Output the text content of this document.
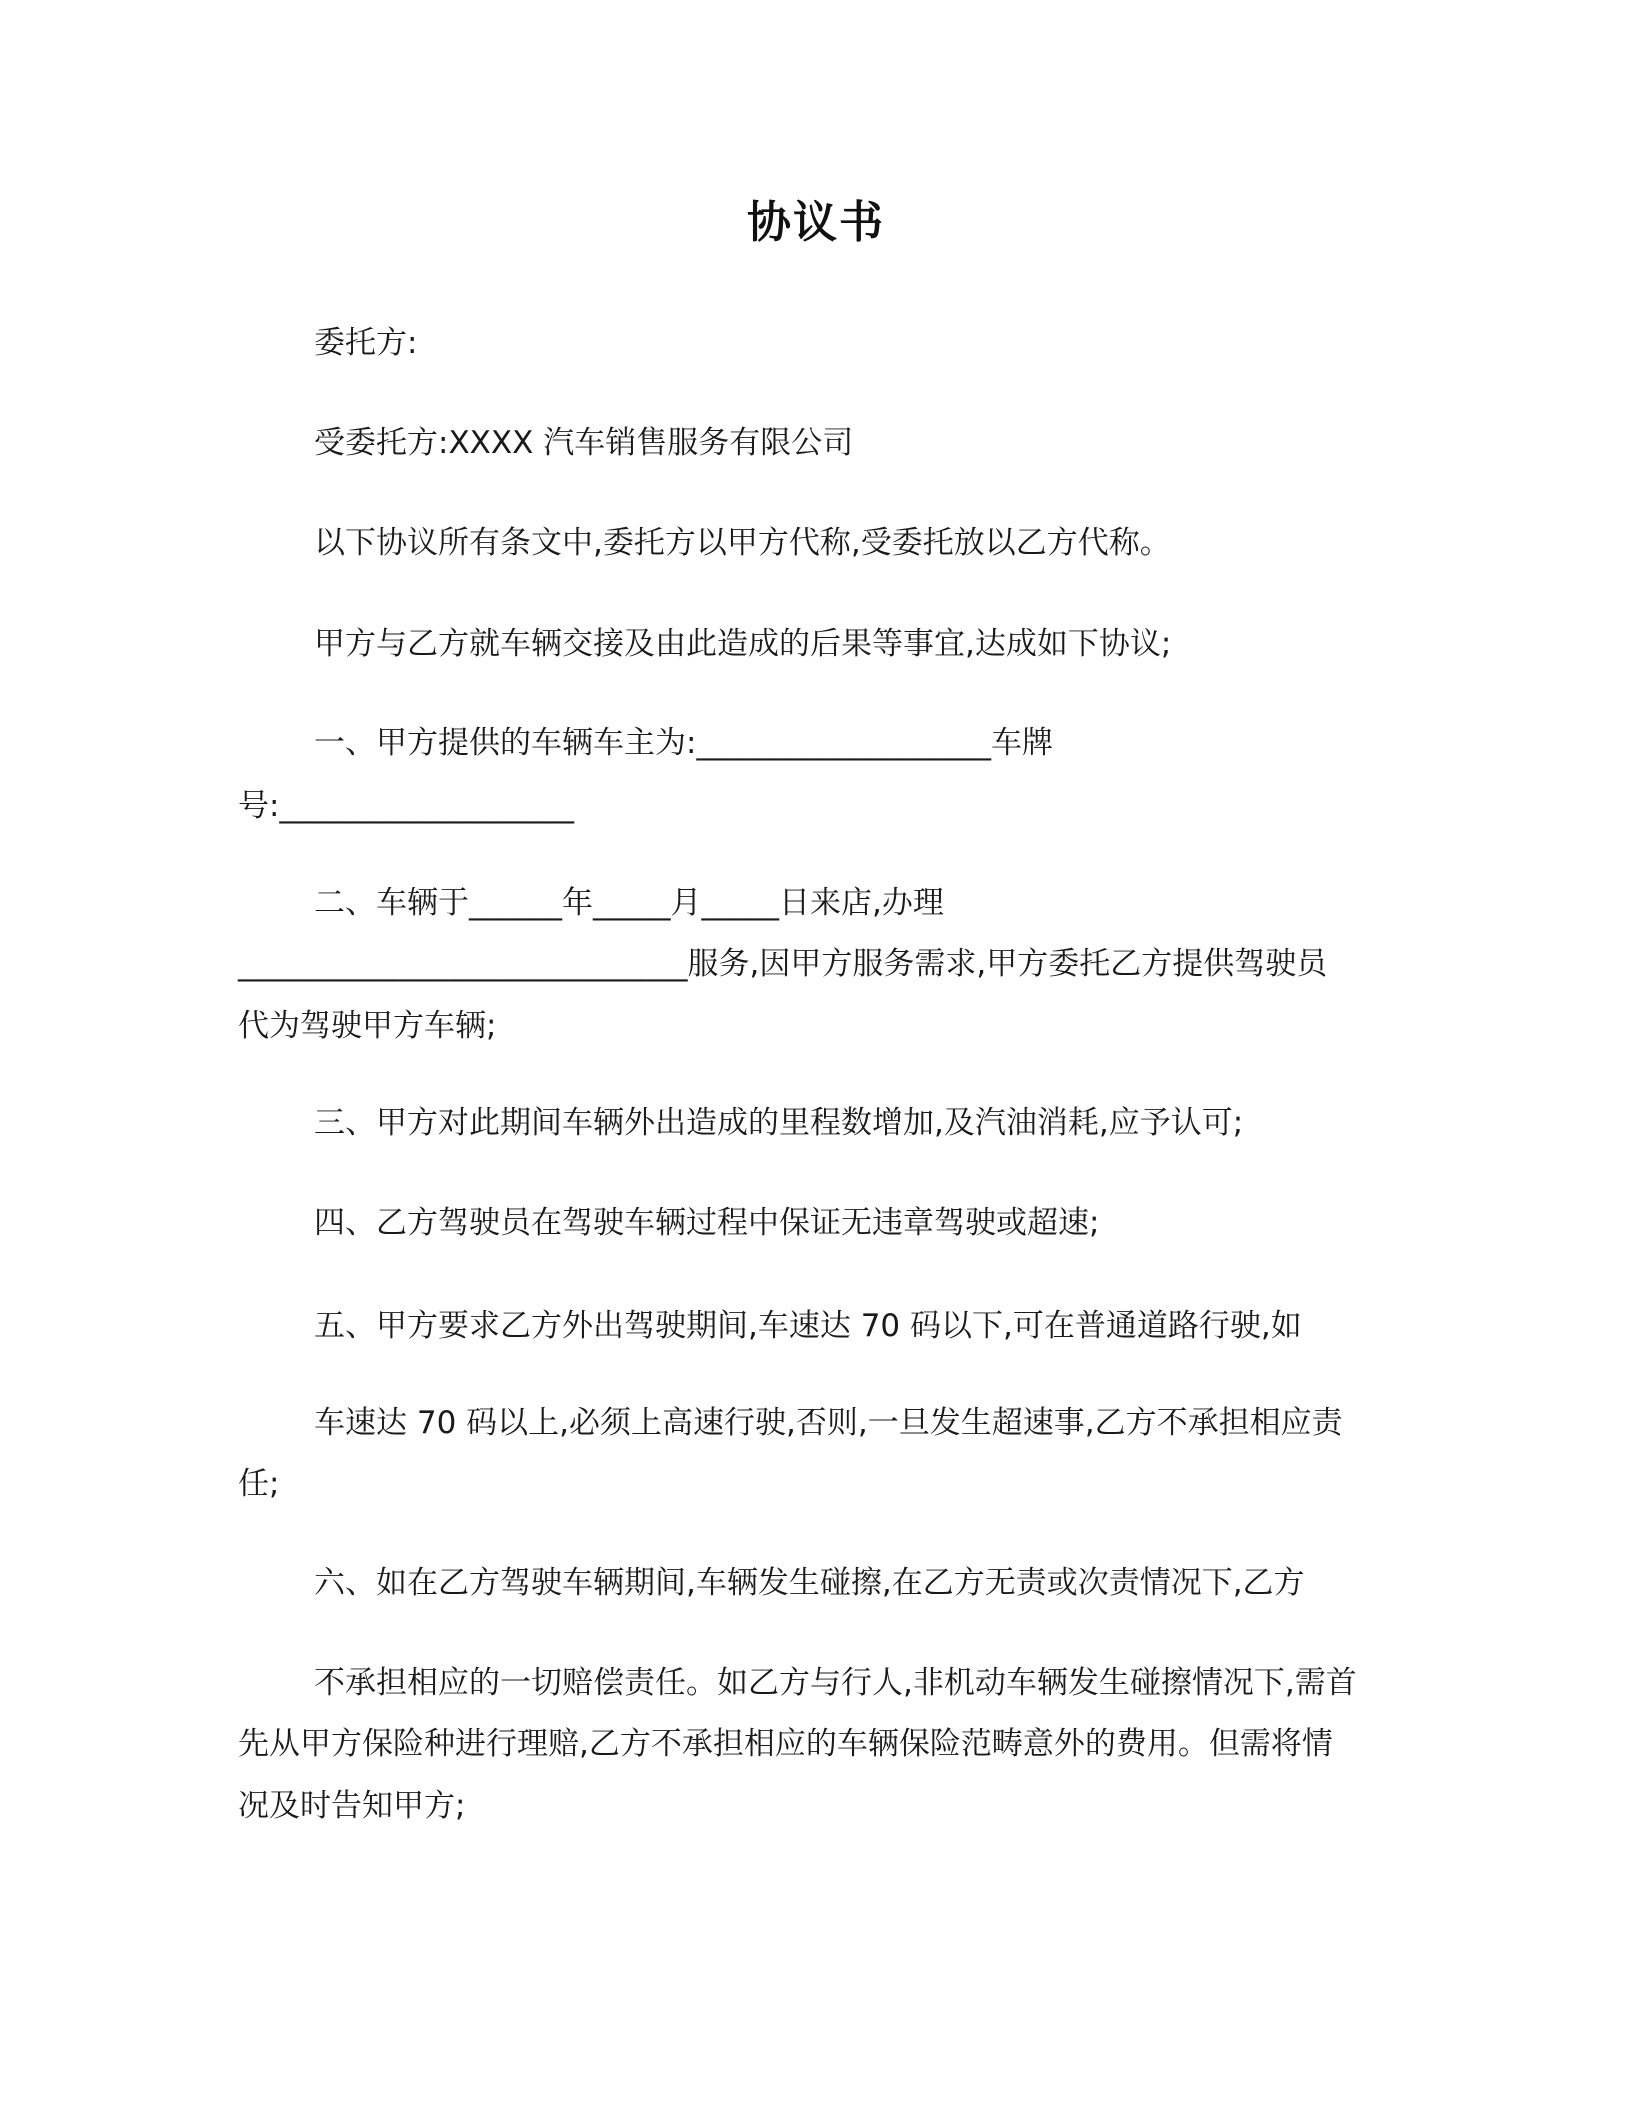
协议书
委托方:
受委托方:XXXX 汽车销售服务有限公司
以下协议所有条文中,委托方以甲方代称,受委托放以乙方代称。
甲方与乙方就车辆交接及由此造成的后果等事宜,达成如下协议;
一、甲方提供的车辆车主为:___________________车牌
号:___________________
二、车辆于______年_____月_____日来店,办理
_____________________________服务,因甲方服务需求,甲方委托乙方提供驾驶员
代为驾驶甲方车辆;
三、甲方对此期间车辆外出造成的里程数增加,及汽油消耗,应予认可;
四、乙方驾驶员在驾驶车辆过程中保证无违章驾驶或超速;
五、甲方要求乙方外出驾驶期间,车速达 70 码以下,可在普通道路行驶,如
车速达 70 码以上,必须上高速行驶,否则,一旦发生超速事,乙方不承担相应责
任;
六、如在乙方驾驶车辆期间,车辆发生碰擦,在乙方无责或次责情况下,乙方
不承担相应的一切赔偿责任。如乙方与行人,非机动车辆发生碰擦情况下,需首
先从甲方保险种进行理赔,乙方不承担相应的车辆保险范畴意外的费用。但需将情
况及时告知甲方;
